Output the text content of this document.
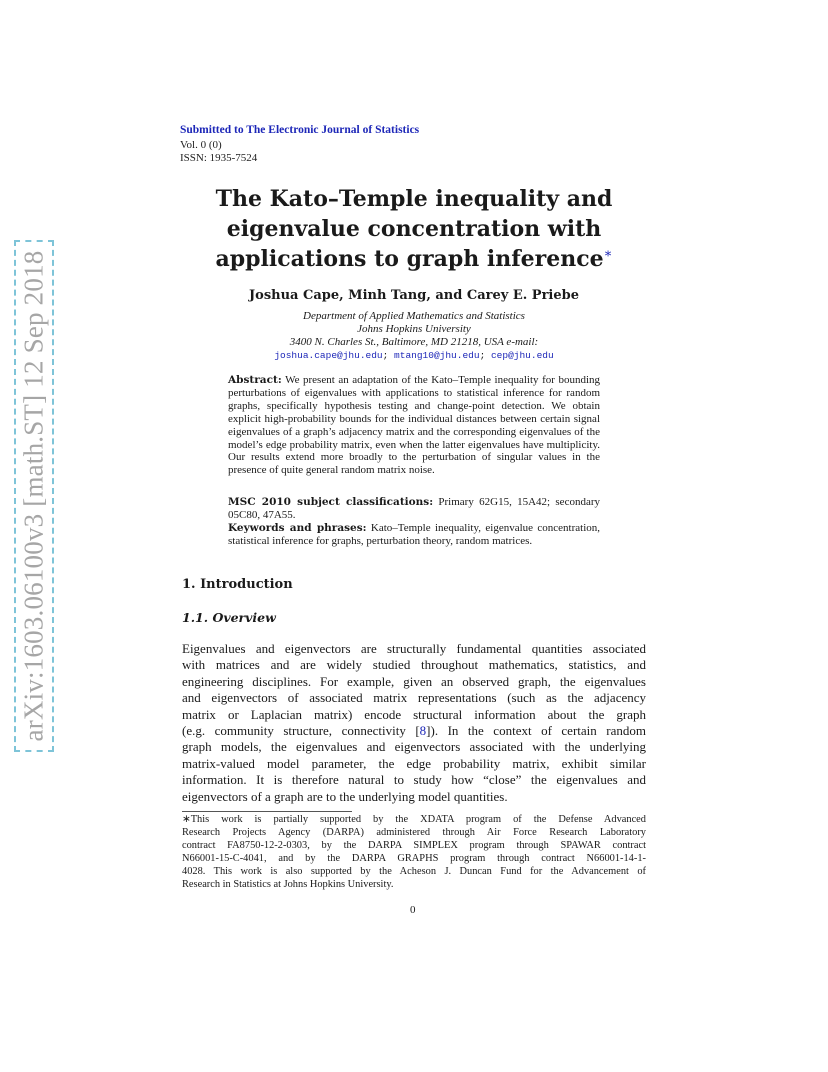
arXiv:1603.06100v3 [math.ST] 12 Sep 2018
Submitted to The Electronic Journal of Statistics
Vol. 0 (0)
ISSN: 1935-7524
The Kato–Temple inequality and
eigenvalue concentration with
applications to graph inference∗
Joshua Cape, Minh Tang, and Carey E. Priebe
Department of Applied Mathematics and Statistics
Johns Hopkins University
3400 N. Charles St., Baltimore, MD 21218, USA e-mail:
joshua.cape@jhu.edu; mtang10@jhu.edu; cep@jhu.edu
Abstract: We present an adaptation of the Kato–Temple inequality for bounding perturbations of eigenvalues with applications to statistical inference for random graphs, specifically hypothesis testing and change-point detection. We obtain explicit high-probability bounds for the individual distances between certain signal eigenvalues of a graph’s adjacency matrix and the corresponding eigenvalues of the model’s edge probability matrix, even when the latter eigenvalues have multiplicity. Our results extend more broadly to the perturbation of singular values in the presence of quite general random matrix noise.
MSC 2010 subject classifications: Primary 62G15, 15A42; secondary 05C80, 47A55.
Keywords and phrases: Kato–Temple inequality, eigenvalue concentration, statistical inference for graphs, perturbation theory, random matrices.
1. Introduction
1.1. Overview
Eigenvalues and eigenvectors are structurally fundamental quantities associated
with matrices and are widely studied throughout mathematics, statistics, and
engineering disciplines. For example, given an observed graph, the eigenvalues
and eigenvectors of associated matrix representations (such as the adjacency
matrix or Laplacian matrix) encode structural information about the graph
(e.g. community structure, connectivity [8]). In the context of certain random
graph models, the eigenvalues and eigenvectors associated with the underlying
matrix-valued model parameter, the edge probability matrix, exhibit similar
information. It is therefore natural to study how “close” the eigenvalues and
eigenvectors of a graph are to the underlying model quantities.
∗This work is partially supported by the XDATA program of the Defense Advanced
Research Projects Agency (DARPA) administered through Air Force Research Laboratory
contract FA8750-12-2-0303, by the DARPA SIMPLEX program through SPAWAR contract
N66001-15-C-4041, and by the DARPA GRAPHS program through contract N66001-14-1-
4028. This work is also supported by the Acheson J. Duncan Fund for the Advancement of
Research in Statistics at Johns Hopkins University.
0
